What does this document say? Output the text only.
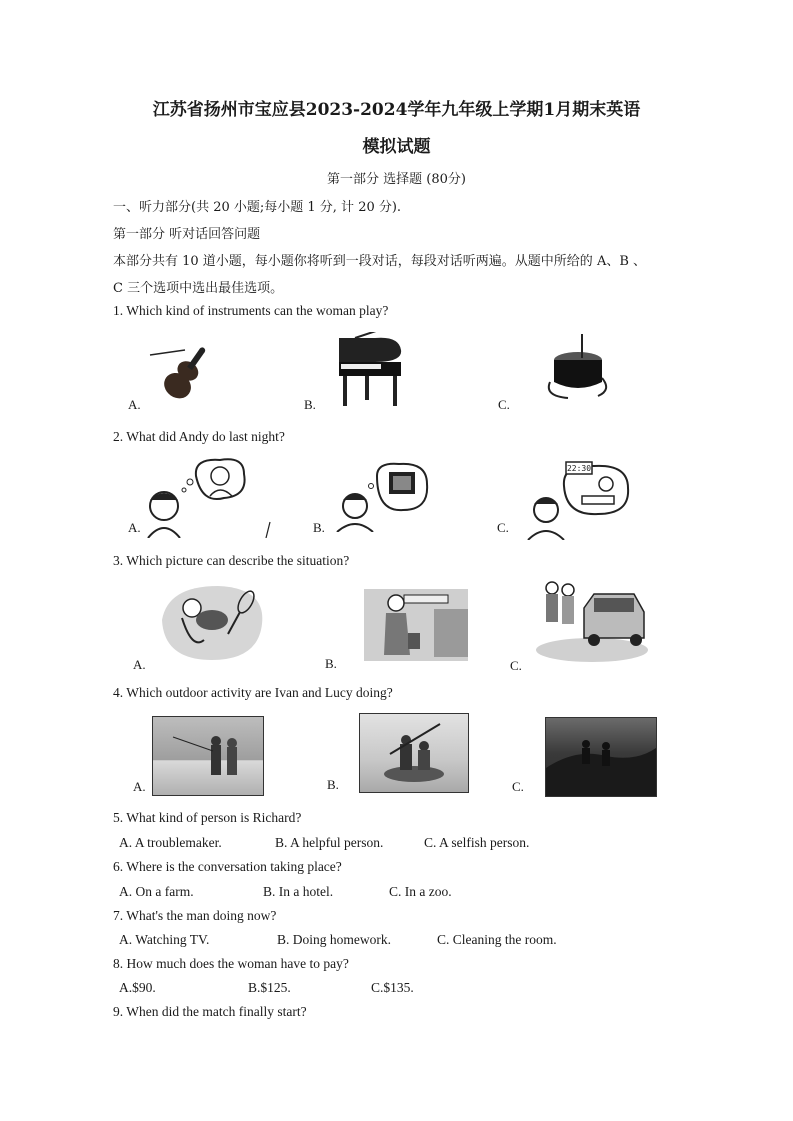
江苏省扬州市宝应县2023-2024学年九年级上学期1月期末英语
模拟试题
第一部分 选择题 (80分)
一、听力部分(共 20 小题;每小题 1 分, 计 20 分).
第一部分 听对话回答问题
本部分共有 10 道小题，每小题你将听到一段对话，每段对话听两遍。从题中所给的 A、B 、
C 三个选项中选出最佳选项。
1. Which kind of instruments can the woman play?
A.	B.	C.
2. What did Andy do last night?
A.	B.	C.
22:30
3. Which picture can describe the situation?
A.	B.	C.
4. Which outdoor activity are Ivan and Lucy doing?
A.	B.	C.
5. What kind of person is Richard?
A. A troublemaker.	B. A helpful person.	C. A selfish person.
6. Where is the conversation taking place?
A. On a farm.	B. In a hotel.	C. In a zoo.
7. What's the man doing now?
A. Watching TV.	B. Doing homework.	C. Cleaning the room.
8. How much does the woman have to pay?
A.$90.	B.$125.	C.$135.
9. When did the match finally start?
